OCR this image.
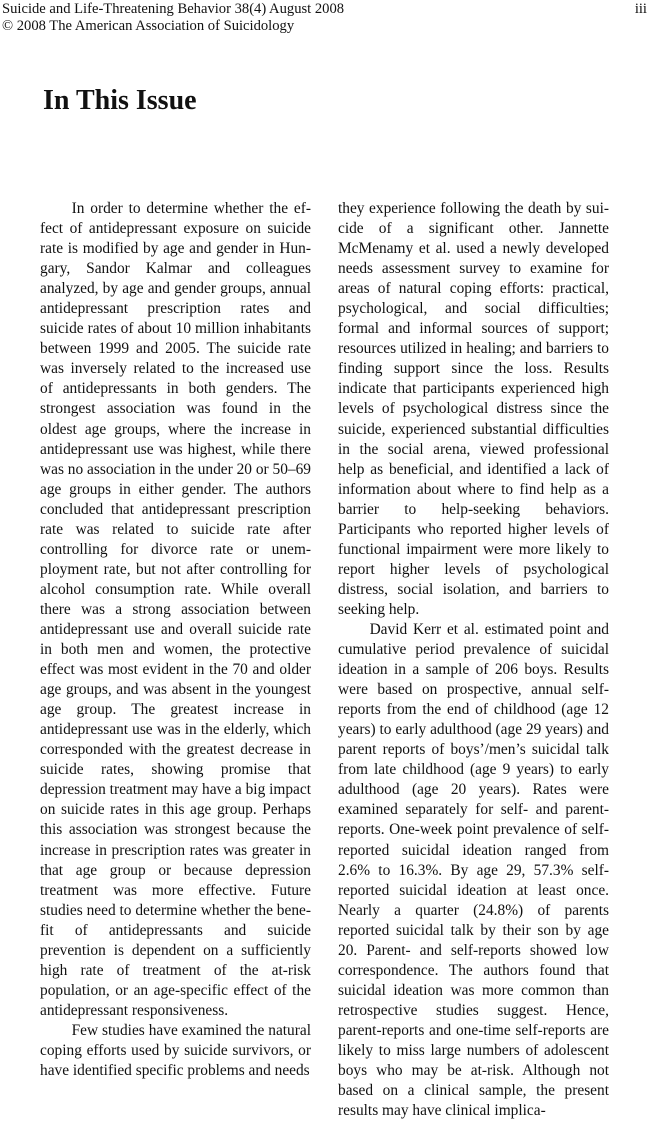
Suicide and Life-Threatening Behavior 38(4) August 2008	iii
© 2008 The American Association of Suicidology
In This Issue

In order to determine whether the effect of antidepressant exposure on suicide rate is modified by age and gender in Hungary, Sandor Kalmar and colleagues analyzed, by age and gender groups, annual antidepressant prescription rates and suicide rates of about 10 million inhabitants between 1999 and 2005. The suicide rate was inversely related to the increased use of antidepressants in both genders. The strongest association was found in the oldest age groups, where the increase in antidepressant use was highest, while there was no association in the under 20 or 50–69 age groups in either gender. The authors concluded that antidepressant prescription rate was related to suicide rate after controlling for divorce rate or unemployment rate, but not after controlling for alcohol consumption rate. While overall there was a strong association between antidepressant use and overall suicide rate in both men and women, the protective effect was most evident in the 70 and older age groups, and was absent in the youngest age group. The greatest increase in antidepressant use was in the elderly, which corresponded with the greatest decrease in suicide rates, showing promise that depression treatment may have a big impact on suicide rates in this age group. Perhaps this association was strongest because the increase in prescription rates was greater in that age group or because depression treatment was more effective. Future studies need to determine whether the benefit of antidepressants and suicide prevention is dependent on a sufficiently high rate of treatment of the at-risk population, or an age-specific effect of the antidepressant responsiveness.

Few studies have examined the natural coping efforts used by suicide survivors, or have identified specific problems and needs

they experience following the death by suicide of a significant other. Jannette McMenamy et al. used a newly developed needs assessment survey to examine for areas of natural coping efforts: practical, psychological, and social difficulties; formal and informal sources of support; resources utilized in healing; and barriers to finding support since the loss. Results indicate that participants experienced high levels of psychological distress since the suicide, experienced substantial difficulties in the social arena, viewed professional help as beneficial, and identified a lack of information about where to find help as a barrier to help-seeking behaviors. Participants who reported higher levels of functional impairment were more likely to report higher levels of psychological distress, social isolation, and barriers to seeking help.

David Kerr et al. estimated point and cumulative period prevalence of suicidal ideation in a sample of 206 boys. Results were based on prospective, annual self-reports from the end of childhood (age 12 years) to early adulthood (age 29 years) and parent reports of boys’/men’s suicidal talk from late childhood (age 9 years) to early adulthood (age 20 years). Rates were examined separately for self- and parent-reports. One-week point prevalence of self-reported suicidal ideation ranged from 2.6% to 16.3%. By age 29, 57.3% self-reported suicidal ideation at least once. Nearly a quarter (24.8%) of parents reported suicidal talk by their son by age 20. Parent- and self-reports showed low correspondence. The authors found that suicidal ideation was more common than retrospective studies suggest. Hence, parent-reports and one-time self-reports are likely to miss large numbers of adolescent boys who may be at-risk. Although not based on a clinical sample, the present results may have clinical implica-
